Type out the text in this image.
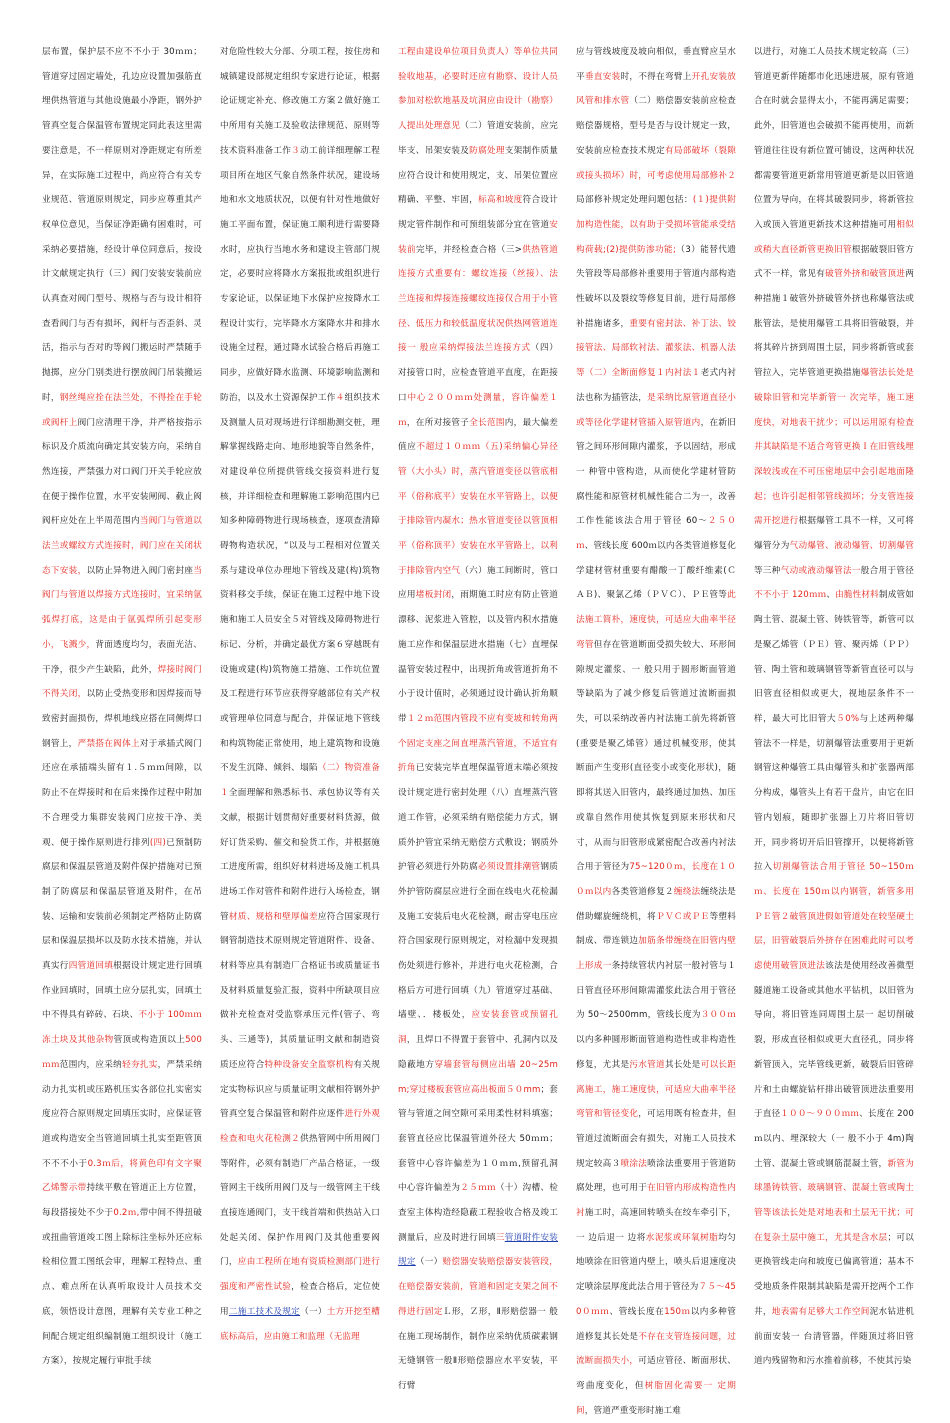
层布置，保护层不应不不小于 30ｍｍ；管道穿过固定墙处，孔边应设置加强筋直埋供热管道与其他设施最小净距，钢外护管真空复合保温管布置规定同此表这里需要注意是，不一样原则对净距规定有所差异，在实际施工过程中，尚应符合有关专业规范、管道原则规定，同步应尊重其产权单位意见，当保证净距确有困难时，可采纳必要措施，经设计单位同意后，按设计文献规定执行（三）阀门安装安装前应认真查对阀门型号、规格与否与设计相符查看阀门与否有损坏，阀杆与否歪斜、灵活，指示与否对旳等阀门搬运时严禁随手抛掷，应分门别类进行摆放阀门吊装搬运时，钢丝绳应拴在法兰处，不得拴在手轮或阀杆上阀门应清理干净，并严格按指示标识及介质流向确定其安装方向，采纳自然连接，严禁强力对口阀门开关手轮应放在便于操作位置，水平安装闸阀、截止阀阀杆应处在上半周范围内当阀门与管道以法兰或螺纹方式连接时，阀门应在关闭状态下安装，以防止异物进入阀门密封座当阀门与管道以焊接方式连接时，宜采纳氩弧焊打底，这是由于氩弧焊所引起变形小，飞溅少，背面透度均匀，表面光洁、干净，很少产生缺陷，此外，焊接时阀门不得关闭，以防止受热变形和因焊接而导致密封面损伤，焊机地线应搭在同侧焊口钢管上，严禁搭在阀体上对于承插式阀门还应在承插端头留有１.５ｍｍ间隙，以防止不在焊接时和在后来操作过程中附加不合理受力集群安装阀门应按干净、美观、便于操作原则进行排列(四)已预制防腐层和保温层管道及附件保护措施对已预制了防腐层和保温层管道及附件，在吊装、运输和安装前必须制定严格防止防腐层和保温层损坏以及防水技术措施，并认真实行四管道回填根据设计规定进行回填作业回填时，回填土应分层扎实，回填土中不得具有碎砖、石块、不小于 100ｍｍ冻土块及其他杂物管顶或构造顶以上500ｍｍ范围内，应采纳轻夯扎实，严禁采纳动力扎实机或压路机压实各部位扎实密实度应符合原则规定回填压实时，应保证管道或构造安全当管道回填土扎实至距管顶不不不小于0.3ｍ后，将黄色印有文字聚乙烯警示带持续平敷在管道正上方位置，每段搭接处不少于0.2ｍ,带中间不得扭破或扭曲管道竣工图上除标注坐标外还应标检相位置工图纸会审，理解工程特点、重点、难点所在认真听取设计人员技术交底，领悟设计意图，理解有关专业工种之间配合规定组织编制施工组织设计（施工方案），按规定履行审批手续

对危险性较大分部、分项工程，按住房和城镇建设部规定组织专家进行论证，根据论证规定补充、修改施工方案２做好施工中所用有关施工及验收法律规范、原则等技术资料准备工作３动工前详细理解工程项目所在地区气象自然条件状况，建设场地和水文地质状况，以便有针对性地做好施工平面布置，保证施工顺利进行需要降水时，应执行当地水务和建设主管部门规定，必要时应将降水方案报批或组织进行专家论证，以保证地下水保护应按降水工程设计实行，完毕降水方案降水井和排水设施全过程，通过降水试验合格后再施工同步，应做好降水监测、环境影响监测和防治，以及水土资源保护工作４组织技术及测量人员对现场进行详细勘测交桩，理解掌握线路走向、地形地貌等自然条件，对建设单位所提供管线交接资料进行复核，并详细检查和理解施工影响范围内已知多种障碍物进行现场核查，逐项查清障碍物构造状况，“以及与工程相对位置关系与建设单位办理地下管线及建(构)筑物资料移交手续，保证在施工过程中地下设施和施工人员安全５对管线及障碍物进行标记、分析，并确定最优方案６穿越既有设施或建(构)筑物施工措施、工作坑位置及工程进行环节应获得穿越部位有关产权或管理单位同意与配合，并保证地下管线和构筑物能正常使用，地上建筑物和设施不发生沉降、倾斜、塌陷（二）物资准备１全面理解和熟悉标书、承包协议等有关文献，根据计划贯彻好重要材料货源，做好订货采购、催交和验货工作，并根据施工进度所需，组织好材料进场及施工机具进场工作对管件和附件进行入场检查，钢管材质、规格和壁厚偏差应符合国家现行钢管制造技术原则规定管道附件、设备、材料等应具有制造厂合格证书或质量证书及材料质量复验汇报，资料中所缺项目应做补充检查对受监察承压元件(管子、弯头、三通等)，其质量证明文献和制造资质还应符合特种设备安全监察机构有关规定实物标识应与质量证明文献相符钢外护管真空复合保温管和附件应逐件进行外观检查和电火花检测２供热管网中所用阀门等附件，必须有制造厂产品合格证，一级管网主干线所用阀门及与一级管网主干线直接连通阀门，支干线首端和供热站入口处起关闭、保护作用阀门及其他重要阀门，应由工程所在地有资质检测部门进行强度和严密性试验，检查合格后，定位使用二施工技术及规定（一）土方开挖至槽底标高后，应由施工和监理（无监理

工程由建设单位项目负责人）等单位共同验收地基，必要时还应有勘察、设计人员参加对松软地基及坑洞应由设计（勘察）人提出处理意见（二）管道安装前，应完毕支、吊架安装及防腐处理支架制作质量应符合设计和使用规定，支、吊架位置应精确、平整、牢固，标高和坡度符合设计规定管件制作和可预组装部分宜在管道安装前完毕，并经检查合格（三>供热管道连接方式重要有：螺纹连接（丝接）、法兰连接和焊接连接螺纹连接仅合用于小管径、低压力和较低温度状况供热网管道连接一 般应采纳焊接法兰连接方式（四）对接管口时，应检查管道平直度，在距接口中心２００ｍｍ处测量，容许偏差１ｍ，在所对接管子全长范围内，最大偏差值应不超过１０ｍｍ（五)采纳偏心异径管（大小头）时，蒸汽管道变径以管底相平（俗称底平）安装在水平管路上，以便于排除管内凝水；热水管道变径以管顶相平（俗称顶平）安装在水平管路上，以利于排除管内空气（六）施工间断时，管口应用堵板封闭，雨期施工时应有防止管道漂移、泥浆进入管腔，以及管内积水措施施工应作和保温层进水措施（七）直埋保温管安装过程中，出现折角或管道折角不小于设计值时，必须通过设计确认折角顺带１２ｍ范围内管段不应有变坡和转角两个固定支座之间直埋蒸汽管道，不适宜有折角已安装完毕直埋保温管道末端必须按设计规定进行密封处理（八）直埋蒸汽管道工作管，必须采纳有赔偿能力方式，钢质外护管宜采纳无赔偿方式敷设；钢质外护管必须进行外防腐必须设置排潮管钢质外护管防腐层应进行全面在线电火花检漏及施工安装后电火花检测，耐击穿电压应符合国家现行原则规定，对检漏中发现损伤处须进行修补，并进行电火花检测，合格后方可进行回填（九）管道穿过基础、墙壁、．楼板处，应安装套管或预留孔洞，且焊口不得置于套管中、孔洞内以及隐蔽地方穿墙套管每侧应出墙 20~25mm;穿过楼板套管应高出板面５０mm；套管与管道之间空隙可采用柔性材料填塞；套管直径应比保温管道外径大 50ｍｍ；套管中心容许偏差为１０ｍｍ,预留孔洞中心容许偏差为２５ｍｍ（十）沟槽、检查室主体构造经隐蔽工程验收合格及竣工测量后，应及时进行回填三管道附件安装规定（一）赔偿器安装赔偿器安装管段，在赔偿器安装前，管道和固定支架之间不得进行固定Ｌ形，Ｚ形，Ⅱ形赔偿器一 般在施工现场制作，制作应采纳优质碳素钢无缝钢管一般Ⅱ形赔偿器应水平安装，平行臂

应与管线坡度及坡向相似，垂直臂应呈水平垂直安装时，不得在弯臂上开孔安装放风管和排水管（二）赔偿器安装前应检查赔偿器规格，型号是否与设计规定一致，安装前应检查技术规定有局部破坏（裂隙或接头损坏）时，可考虑使用局部修补２局部修补规定处理问题包括：(１)提供附加构造性能，以有助于受损坏管能承受结构荷载;(2)提供防渗功能;（3）能替代遗失管段等局部修补重要用于管道内部构造性破坏以及裂纹等修复目前，进行局部修补措施诸多，重要有密封法、补丁法、铰接管法、局部软衬法、灌浆法、机器人法等（二）全断面修复１内衬法１老式内衬法也称为插管法，是采纳比原管道直径小或等径化学建材管插入原管道内，在新旧管之间环形间隙内灌浆，予以固结，形成一 种管中管构造，从而使化学建材管防腐性能和原管材机械性能合二为一，改善工作性能该法合用于管径 60～２５０ｍ、管线长度 600ｍ以内各类管道修复化学建材管材重要有醋酸一丁酸纤维素(ＣＡＢ)、聚氯乙烯（ＰＶＣ）、ＰＥ管等此法施工简朴，速度快，可适应大曲率半径弯管但存在管道断面受损失较大、环形间隙规定灌浆、一 般只用于圆形断面管道等缺陷为了减少修复后管道过流断面损失，可以采纳改善内衬法施工前先将新管(重要是聚乙烯管）通过机械变形，使其断面产生变形(直径变小或变化形状)，随即将其送入旧管内，最终通过加热、加压或靠自然作用使其恢复到原来形状和尺寸，从而与旧管形成紧密配合改善内衬法合用于管径为75~120０ｍ，长度在１００ｍ以内各类管道修复２缠绕法缠绕法是借助螺旋缠绕机，将ＰＶＣ或ＰＥ等塑料制成、带连锁边加筋条带缠绕在旧管内壁上形成一条持续管状内衬层一般衬管与１日管直径环形间隙需灌浆此法合用于管径为 50～2500mm，管线长度为３００ｍ以内多种圆形断面管道构造性或非构造性修复，尤其是污水管道其长处是可以长距离施工，施工速度快，可适应大曲率半径弯管和管径变化，可运用既有检查井，但管道过流断面会有损失，对施工人员技术规定较高３喷涂法喷涂法重要用于管道防腐处理，也可用于在旧管内形成构造性内衬施工时，高速回转喷头在绞车牵引下，一 边后退一 边将水泥浆或环氧树脂均匀地喷涂在旧管道内壁上，喷头后退速度决定喷涂层厚度此法合用于管径为７５～450０ｍｍ、管线长度在150ｍ以内多种管道修复其长处是不存在支管连接问题，过流断面损失小，可适应管径、断面形状、弯曲度变化，但树脂固化需要一 定期间，管道严重变形时施工难

以进行，对施工人员技术规定较高（三）管道更新伴随都市化迅速进展，原有管道合在时就会显得太小，不能再满足需要；此外，旧管道也会破损不能再使用，而新管道往往设有新位置可铺设，这两种状况都需要管道更新常用管道更新是以旧管道位置为导向，在将其破裂同步，将新管拉入或顶入管道更新技术这种措施可用相似或稍大直径新管更换旧管根据破裂旧管方式不一样，常见有破管外挤和破管顶进两种措施１破管外挤破管外挤也称爆管法或胀管法，是使用爆管工具将旧管破裂，并将其碎片挤到周围土层，同步将新管或套管拉入，完毕管道更换措施爆管法长处是破除旧管和完毕新管一 次完毕，施工速度快，对地表干扰少；可以运用原有检查井其缺陷是不适合弯管更换Ｉ在旧管线埋深较浅或在不可压密地层中会引起地面隆起；也许引起相邻管线损坏；分支管连接需开挖进行根据爆管工具不一样，又可将爆管分为气动爆管、液动爆管、切割爆管等三种气动或液动爆管法一般合用于管径不不小于 120ｍｍ、由脆性材料制成管如陶土管、混凝土管、铸铁管等，新管可以是聚乙烯管（ＰＥ）管、聚丙烯（ＰＰ）管、陶土管和玻璃钢管等新管直径可以与旧管直径相似或更大，视地层条件不一样，最大可比旧管大５0%与上述两种爆管法不一样是，切割爆管法重要用于更新钢管这种爆管工具由爆管头和扩张器两部分构成，爆管头上有若干盘片，由它在旧管内划痕，随即扩张器上刀片将旧管切开，同步将切开后旧管撑开，以便将新管拉入切割爆管法合用于管径 50~150ｍｍ、长度在 150ｍ以内钢管，新管多用 ＰＥ管２破管顶进假如管道处在较坚硬土层，旧管破裂后外挤存在困难此时可以考虑使用破管顶进法该法是使用经改善微型隧道施工设备或其他水平钻机，以旧管为导向，将旧管连同周围土层一 起切削破裂，形成直径相似或更大直径孔，同步将新管顶入，完毕管线更新，破裂后旧管碎片和土由螺旋钻杆排出破管顶进法重要用于直径１００～９００ｍｍ、长度在 200ｍ以内、埋深较大（一 般不小于 4m)陶土管、混凝土管或钢筋混凝土管，新管为球墨铸铁管、玻璃钢管、混凝土管或陶土管等该法长处是对地表和土层无干扰；可在复杂土层中施工，尤其是含水层；可以更换管线走向和坡度已偏离管道；基本不受地质条件限制其缺陷是需开挖两个工作井，地表需有足够大工作空间泥水钻进机前面安装一 台清管器，伴随顶过将旧管道内残留物和污水推着前移，不使其污染
